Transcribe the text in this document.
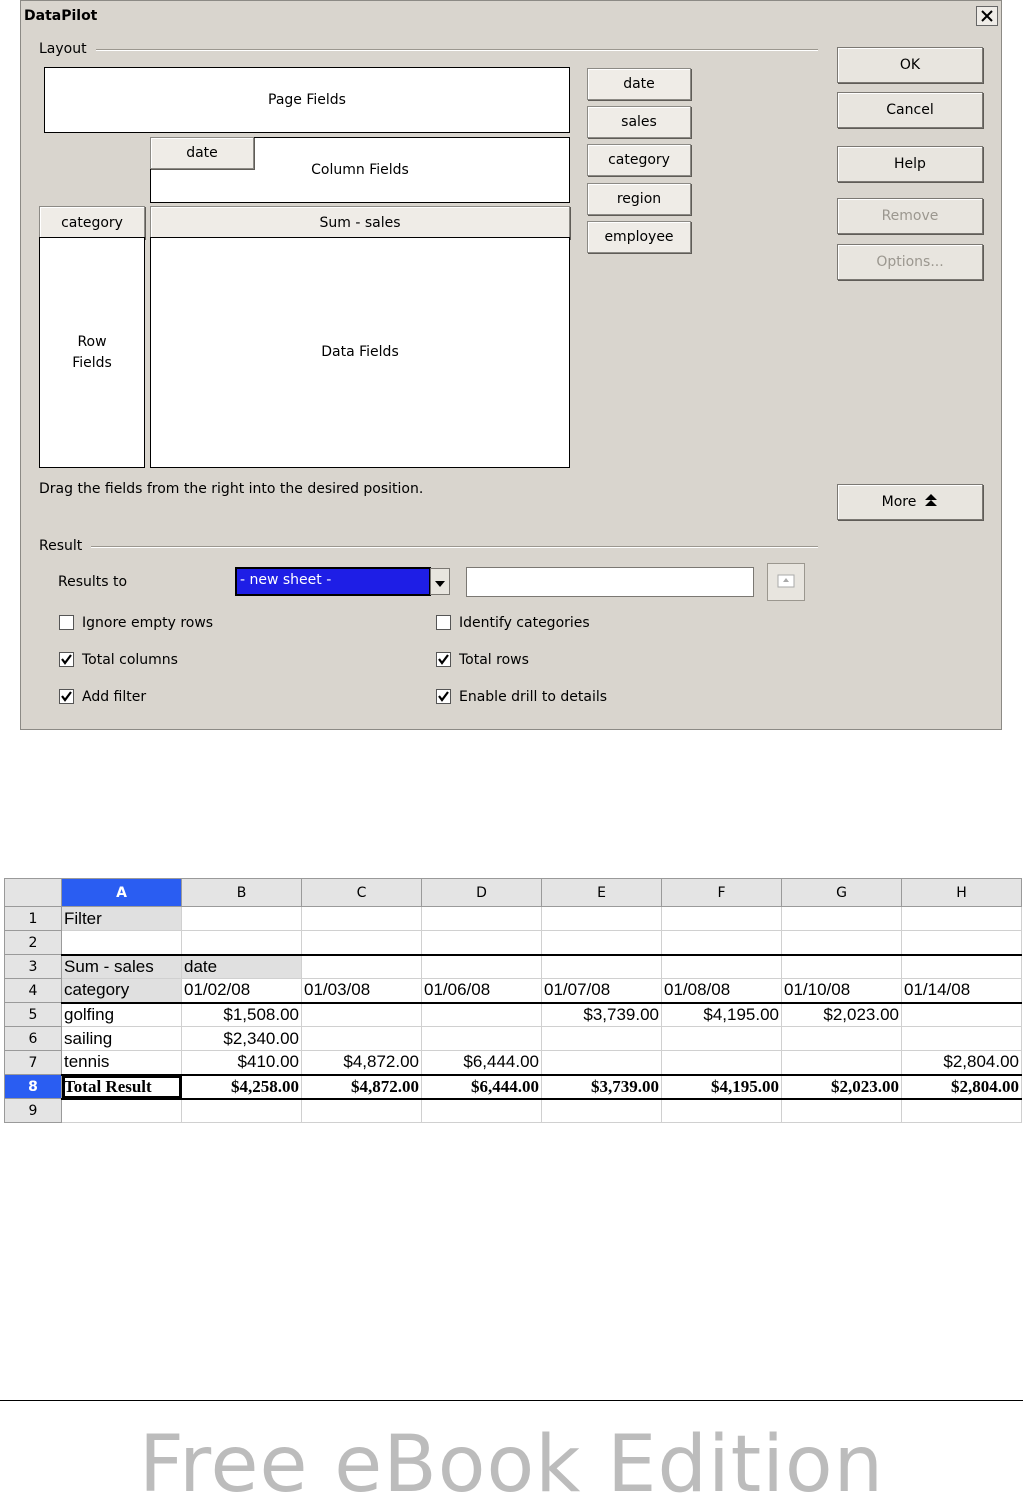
DataPilot
Layout
Page Fields
Column Fields
date
category
Row
Fields
Sum - sales
Data Fields
date
sales
category
region
employee
OK
Cancel
Help
Remove
Options...
More
Drag the fields from the right into the desired position.
Result
Results to	- new sheet -
Ignore empty rows	Identify categories
Total columns	Total rows
Add filter	Enable drill to details
	A	B	C	D	E	F	G	H
1	Filter							
2								
3	Sum - sales	date						
4	category	01/02/08	01/03/08	01/06/08	01/07/08	01/08/08	01/10/08	01/14/08
5	golfing	$1,508.00			$3,739.00	$4,195.00	$2,023.00	
6	sailing	$2,340.00						
7	tennis	$410.00	$4,872.00	$6,444.00				$2,804.00
8	Total Result	$4,258.00	$4,872.00	$6,444.00	$3,739.00	$4,195.00	$2,023.00	$2,804.00
9								
Free eBook Edition
